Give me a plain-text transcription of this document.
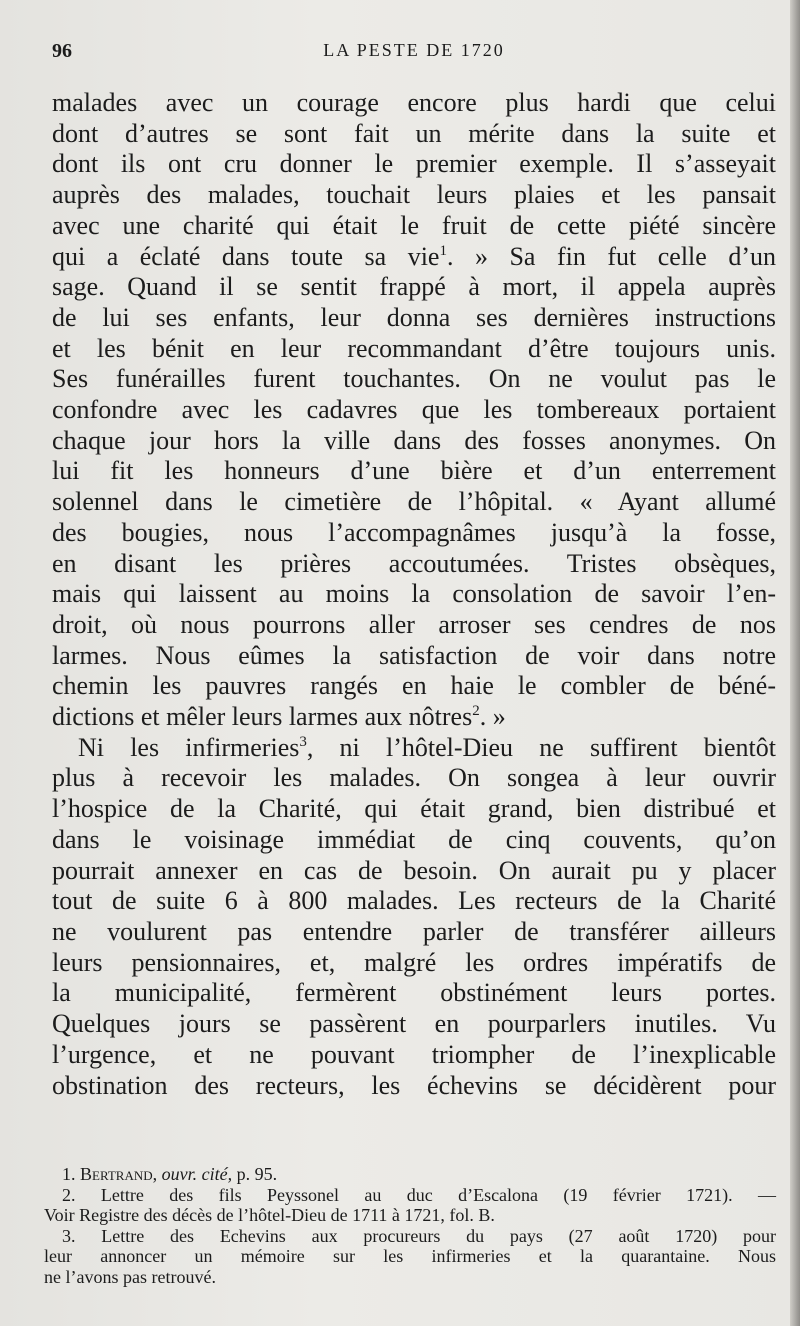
96	LA PESTE DE 1720
malades avec un courage encore plus hardi que celui
dont d’autres se sont fait un mérite dans la suite et
dont ils ont cru donner le premier exemple. Il s’asseyait
auprès des malades, touchait leurs plaies et les pansait
avec une charité qui était le fruit de cette piété sincère
qui a éclaté dans toute sa vie$^1$. » Sa fin fut celle d’un
sage. Quand il se sentit frappé à mort, il appela auprès
de lui ses enfants, leur donna ses dernières instructions
et les bénit en leur recommandant d’être toujours unis.
Ses funérailles furent touchantes. On ne voulut pas le
confondre avec les cadavres que les tombereaux portaient
chaque jour hors la ville dans des fosses anonymes. On
lui fit les honneurs d’une bière et d’un enterrement
solennel dans le cimetière de l’hôpital. « Ayant allumé
des bougies, nous l’accompagnâmes jusqu’à la fosse,
en disant les prières accoutumées. Tristes obsèques,
mais qui laissent au moins la consolation de savoir l’en-
droit, où nous pourrons aller arroser ses cendres de nos
larmes. Nous eûmes la satisfaction de voir dans notre
chemin les pauvres rangés en haie le combler de béné-
dictions et mêler leurs larmes aux nôtres$^2$. »
Ni les infirmeries$^3$, ni l’hôtel-Dieu ne suffirent bientôt
plus à recevoir les malades. On songea à leur ouvrir
l’hospice de la Charité, qui était grand, bien distribué et
dans le voisinage immédiat de cinq couvents, qu’on
pourrait annexer en cas de besoin. On aurait pu y placer
tout de suite 6 à 800 malades. Les recteurs de la Charité
ne voulurent pas entendre parler de transférer ailleurs
leurs pensionnaires, et, malgré les ordres impératifs de
la municipalité, fermèrent obstinément leurs portes.
Quelques jours se passèrent en pourparlers inutiles. Vu
l’urgence, et ne pouvant triompher de l’inexplicable
obstination des recteurs, les échevins se décidèrent pour
1. Bertrand, ouvr. cité, p. 95.
2. Lettre des fils Peyssonel au duc d’Escalona (19 février 1721). —
Voir Registre des décès de l’hôtel-Dieu de 1711 à 1721, fol. B.
3. Lettre des Echevins aux procureurs du pays (27 août 1720) pour
leur annoncer un mémoire sur les infirmeries et la quarantaine. Nous
ne l’avons pas retrouvé.
